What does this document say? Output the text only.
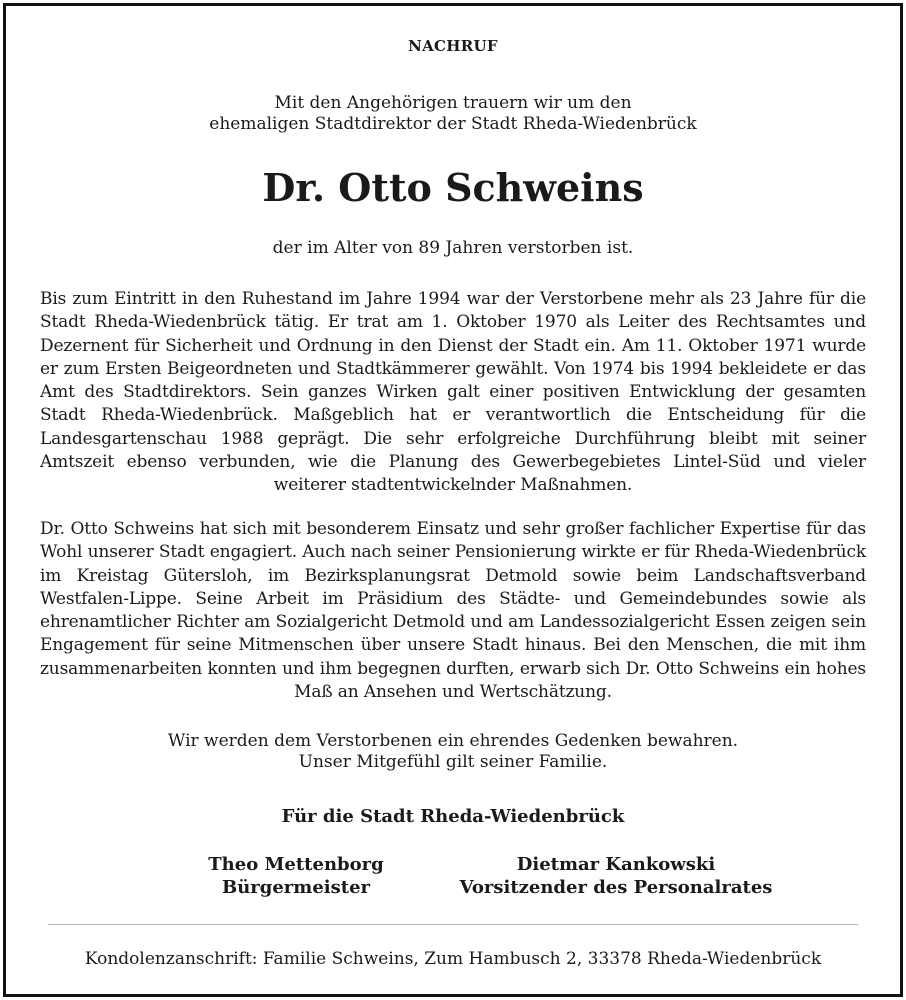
NACHRUF
Mit den Angehörigen trauern wir um den
ehemaligen Stadtdirektor der Stadt Rheda-Wiedenbrück
Dr. Otto Schweins
der im Alter von 89 Jahren verstorben ist.
Bis zum Eintritt in den Ruhestand im Jahre 1994 war der Verstorbene mehr als 23 Jahre für die Stadt Rheda-Wiedenbrück tätig. Er trat am 1. Oktober 1970 als Leiter des Rechtsamtes und Dezernent für Sicherheit und Ordnung in den Dienst der Stadt ein. Am 11. Oktober 1971 wurde er zum Ersten Beigeordneten und Stadtkämmerer gewählt. Von 1974 bis 1994 bekleidete er das Amt des Stadtdirektors. Sein ganzes Wirken galt einer positiven Entwicklung der gesamten Stadt Rheda-Wiedenbrück. Maßgeblich hat er verantwortlich die Entscheidung für die Landesgartenschau 1988 geprägt. Die sehr erfolgreiche Durchführung bleibt mit seiner Amtszeit ebenso verbunden, wie die Planung des Gewerbegebietes Lintel-Süd und vieler weiterer stadtentwickelnder Maßnahmen.
Dr. Otto Schweins hat sich mit besonderem Einsatz und sehr großer fachlicher Expertise für das Wohl unserer Stadt engagiert. Auch nach seiner Pensionierung wirkte er für Rheda-Wiedenbrück im Kreistag Gütersloh, im Bezirksplanungsrat Detmold sowie beim Landschaftsverband Westfalen-Lippe. Seine Arbeit im Präsidium des Städte- und Gemeindebundes sowie als ehrenamtlicher Richter am Sozialgericht Detmold und am Landessozialgericht Essen zeigen sein Engagement für seine Mitmenschen über unsere Stadt hinaus. Bei den Menschen, die mit ihm zusammenarbeiten konnten und ihm begegnen durften, erwarb sich Dr. Otto Schweins ein hohes Maß an Ansehen und Wertschätzung.
Wir werden dem Verstorbenen ein ehrendes Gedenken bewahren.
Unser Mitgefühl gilt seiner Familie.
Für die Stadt Rheda-Wiedenbrück
Theo Mettenborg
Bürgermeister
Dietmar Kankowski
Vorsitzender des Personalrates
Kondolenzanschrift: Familie Schweins, Zum Hambusch 2, 33378 Rheda-Wiedenbrück
